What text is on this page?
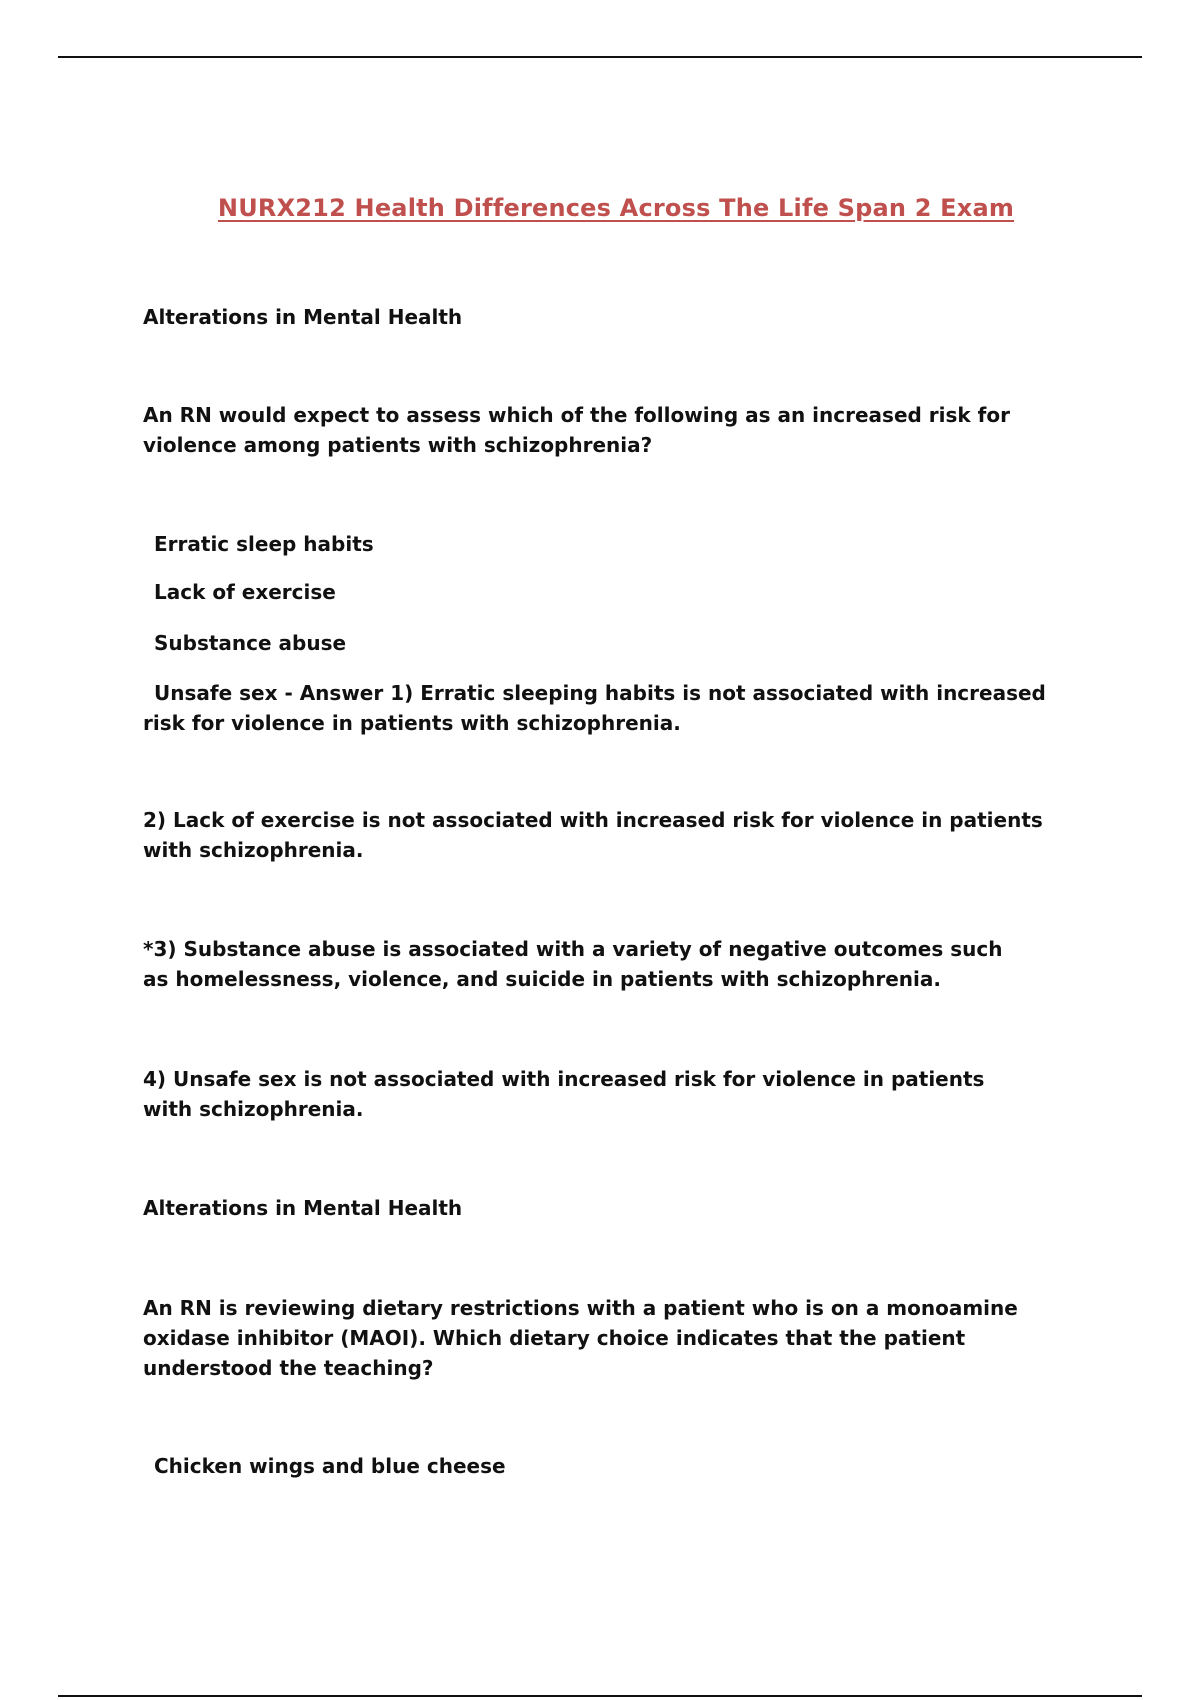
NURX212 Health Differences Across The Life Span 2 Exam
Alterations in Mental Health
An RN would expect to assess which of the following as an increased risk for violence among patients with schizophrenia?
Erratic sleep habits
Lack of exercise
Substance abuse
Unsafe sex - Answer 1) Erratic sleeping habits is not associated with increased risk for violence in patients with schizophrenia.
2) Lack of exercise is not associated with increased risk for violence in patients with schizophrenia.
*3) Substance abuse is associated with a variety of negative outcomes such as homelessness, violence, and suicide in patients with schizophrenia.
4) Unsafe sex is not associated with increased risk for violence in patients with schizophrenia.
Alterations in Mental Health
An RN is reviewing dietary restrictions with a patient who is on a monoamine oxidase inhibitor (MAOI). Which dietary choice indicates that the patient understood the teaching?
Chicken wings and blue cheese
